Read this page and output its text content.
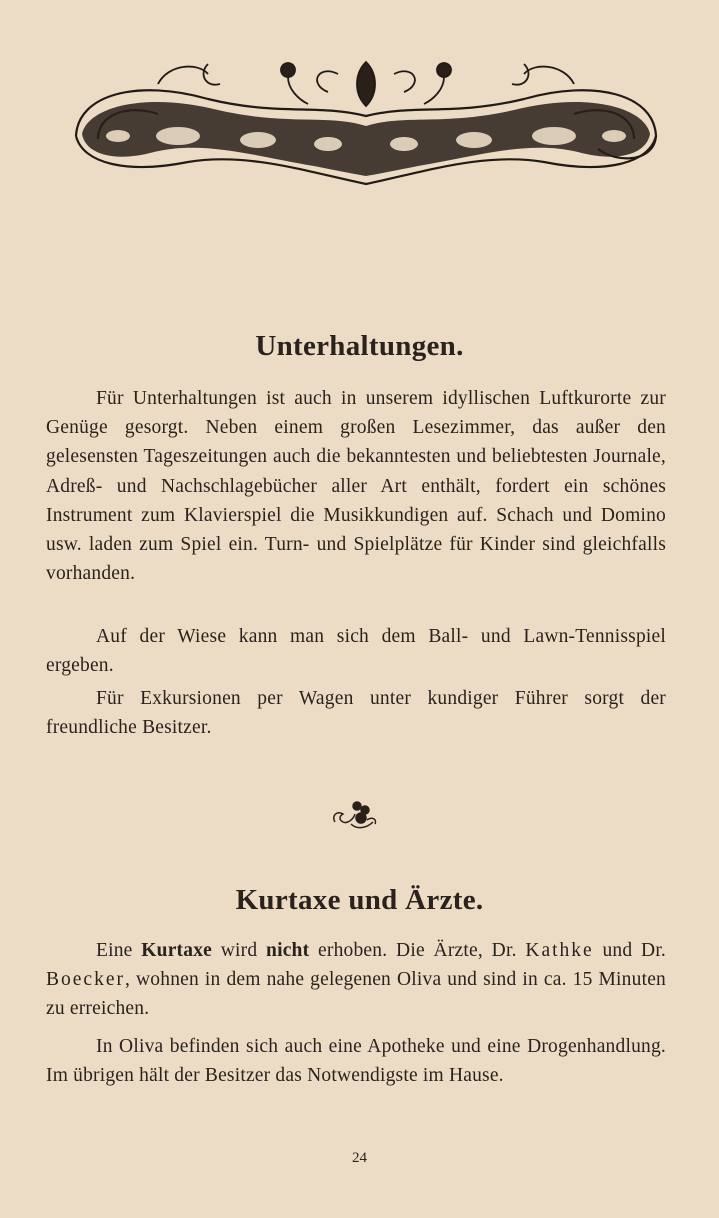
Unterhaltungen.
Für Unterhaltungen ist auch in unserem idyllischen Luftkurorte zur Genüge gesorgt. Neben einem großen Lesezimmer, das außer den gelesensten Tageszeitungen auch die bekanntesten und beliebtesten Journale, Adreß- und Nachschlagebücher aller Art enthält, fordert ein schönes Instrument zum Klavierspiel die Musikkundigen auf. Schach und Domino usw. laden zum Spiel ein. Turn- und Spielplätze für Kinder sind gleichfalls vorhanden.
Auf der Wiese kann man sich dem Ball- und Lawn-Tennisspiel ergeben.
Für Exkursionen per Wagen unter kundiger Führer sorgt der freundliche Besitzer.
Kurtaxe und Ärzte.
Eine Kurtaxe wird nicht erhoben. Die Ärzte, Dr. Kathke und Dr. Boecker, wohnen in dem nahe gelegenen Oliva und sind in ca. 15 Minuten zu erreichen.
In Oliva befinden sich auch eine Apotheke und eine Drogenhandlung. Im übrigen hält der Besitzer das Notwendigste im Hause.
24
